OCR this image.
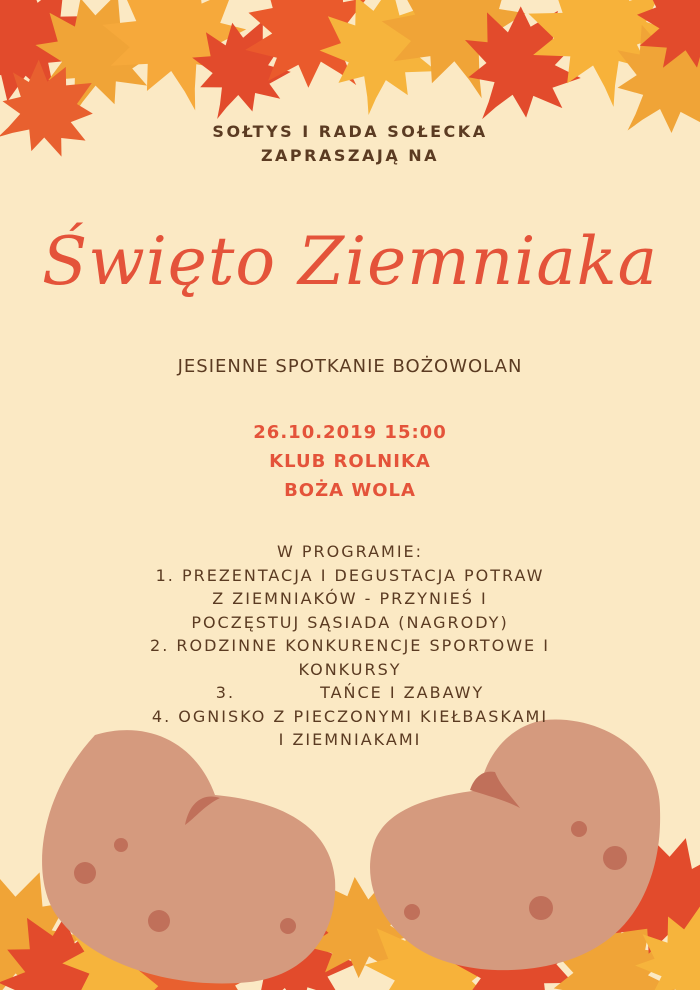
SOŁTYS I RADA SOŁECKA
ZAPRASZAJĄ NA
Święto Ziemniaka
JESIENNE SPOTKANIE BOŻOWOLAN
26.10.2019 15:00
KLUB ROLNIKA
BOŻA WOLA
W PROGRAMIE:
1. PREZENTACJA I DEGUSTACJA POTRAW
Z ZIEMNIAKÓW - PRZYNIEŚ I
POCZĘSTUJ SĄSIADA (NAGRODY)
2. RODZINNE KONKURENCJE SPORTOWE I
KONKURSY
3.            TAŃCE I ZABAWY
4. OGNISKO Z PIECZONYMI KIEŁBASKAMI
I ZIEMNIAKAMI
